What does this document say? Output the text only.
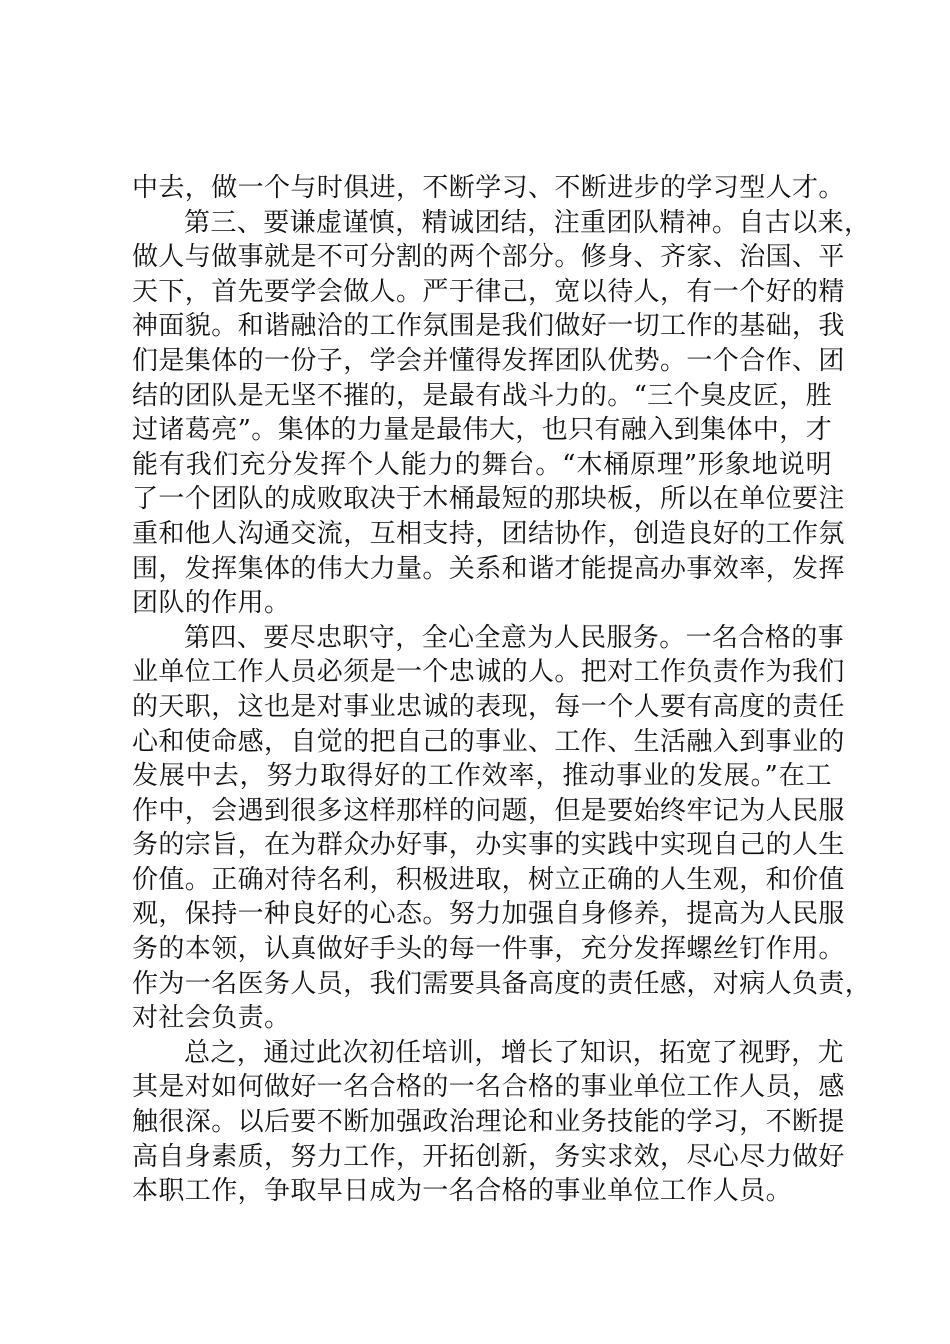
中去，做一个与时俱进，不断学习、不断进步的学习型人才。
第三、要谦虚谨慎，精诚团结，注重团队精神。自古以来，
做人与做事就是不可分割的两个部分。修身、齐家、治国、平
天下，首先要学会做人。严于律己，宽以待人，有一个好的精
神面貌。和谐融洽的工作氛围是我们做好一切工作的基础，我
们是集体的一份子，学会并懂得发挥团队优势。一个合作、团
结的团队是无坚不摧的，是最有战斗力的。“三个臭皮匠，胜
过诸葛亮”。集体的力量是最伟大，也只有融入到集体中，才
能有我们充分发挥个人能力的舞台。“木桶原理”形象地说明
了一个团队的成败取决于木桶最短的那块板，所以在单位要注
重和他人沟通交流，互相支持，团结协作，创造良好的工作氛
围，发挥集体的伟大力量。关系和谐才能提高办事效率，发挥
团队的作用。
第四、要尽忠职守，全心全意为人民服务。一名合格的事
业单位工作人员必须是一个忠诚的人。把对工作负责作为我们
的天职，这也是对事业忠诚的表现，每一个人要有高度的责任
心和使命感，自觉的把自己的事业、工作、生活融入到事业的
发展中去，努力取得好的工作效率，推动事业的发展。”在工
作中，会遇到很多这样那样的问题，但是要始终牢记为人民服
务的宗旨，在为群众办好事，办实事的实践中实现自己的人生
价值。正确对待名利，积极进取，树立正确的人生观，和价值
观，保持一种良好的心态。努力加强自身修养，提高为人民服
务的本领，认真做好手头的每一件事，充分发挥螺丝钉作用。
作为一名医务人员，我们需要具备高度的责任感，对病人负责，
对社会负责。
总之，通过此次初任培训，增长了知识，拓宽了视野，尤
其是对如何做好一名合格的一名合格的事业单位工作人员，感
触很深。以后要不断加强政治理论和业务技能的学习，不断提
高自身素质，努力工作，开拓创新，务实求效，尽心尽力做好
本职工作，争取早日成为一名合格的事业单位工作人员。
